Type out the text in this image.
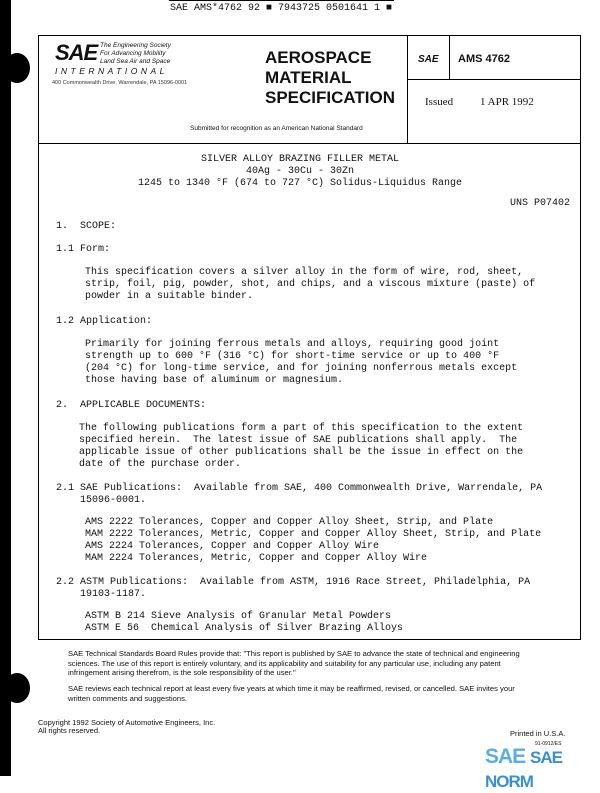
SAE AMS*4762 92 ■ 7943725 0501641 1 ■
SAE The Engineering Society
For Advancing Mobility
Land Sea Air and Space
INTERNATIONAL
400 Commonwealth Drive, Warrendale, PA 15096-0001
AEROSPACE
MATERIAL
SPECIFICATION
Submitted for recognition as an American National Standard
SAE AMS 4762
Issued 1 APR 1992
SILVER ALLOY BRAZING FILLER METAL
40Ag - 30Cu - 30Zn
1245 to 1340 °F (674 to 727 °C) Solidus-Liquidus Range
UNS P07402
1.  SCOPE:
1.1 Form:
This specification covers a silver alloy in the form of wire, rod, sheet,
strip, foil, pig, powder, shot, and chips, and a viscous mixture (paste) of
powder in a suitable binder.
1.2 Application:
Primarily for joining ferrous metals and alloys, requiring good joint
strength up to 600 °F (316 °C) for short-time service or up to 400 °F
(204 °C) for long-time service, and for joining nonferrous metals except
those having base of aluminum or magnesium.
2.  APPLICABLE DOCUMENTS:
The following publications form a part of this specification to the extent
specified herein.  The latest issue of SAE publications shall apply.  The
applicable issue of other publications shall be the issue in effect on the
date of the purchase order.
2.1 SAE Publications:  Available from SAE, 400 Commonwealth Drive, Warrendale, PA
15096-0001.
AMS 2222 Tolerances, Copper and Copper Alloy Sheet, Strip, and Plate
MAM 2222 Tolerances, Metric, Copper and Copper Alloy Sheet, Strip, and Plate
AMS 2224 Tolerances, Copper and Copper Alloy Wire
MAM 2224 Tolerances, Metric, Copper and Copper Alloy Wire
2.2 ASTM Publications:  Available from ASTM, 1916 Race Street, Philadelphia, PA
19103-1187.
ASTM B 214 Sieve Analysis of Granular Metal Powders
ASTM E 56  Chemical Analysis of Silver Brazing Alloys
SAE Technical Standards Board Rules provide that: "This report is published by SAE to advance the state of technical and engineering sciences. The use of this report is entirely voluntary, and its applicability and suitability for any particular use, including any patent infringement arising therefrom, is the sole responsibility of the user."
SAE reviews each technical report at least every five years at which time it may be reaffirmed, revised, or cancelled. SAE invites your written comments and suggestions.
Copyright 1992 Society of Automotive Engineers, Inc.
All rights reserved.	Printed in U.S.A.
91-0912/ES
SAE SAE NORM
